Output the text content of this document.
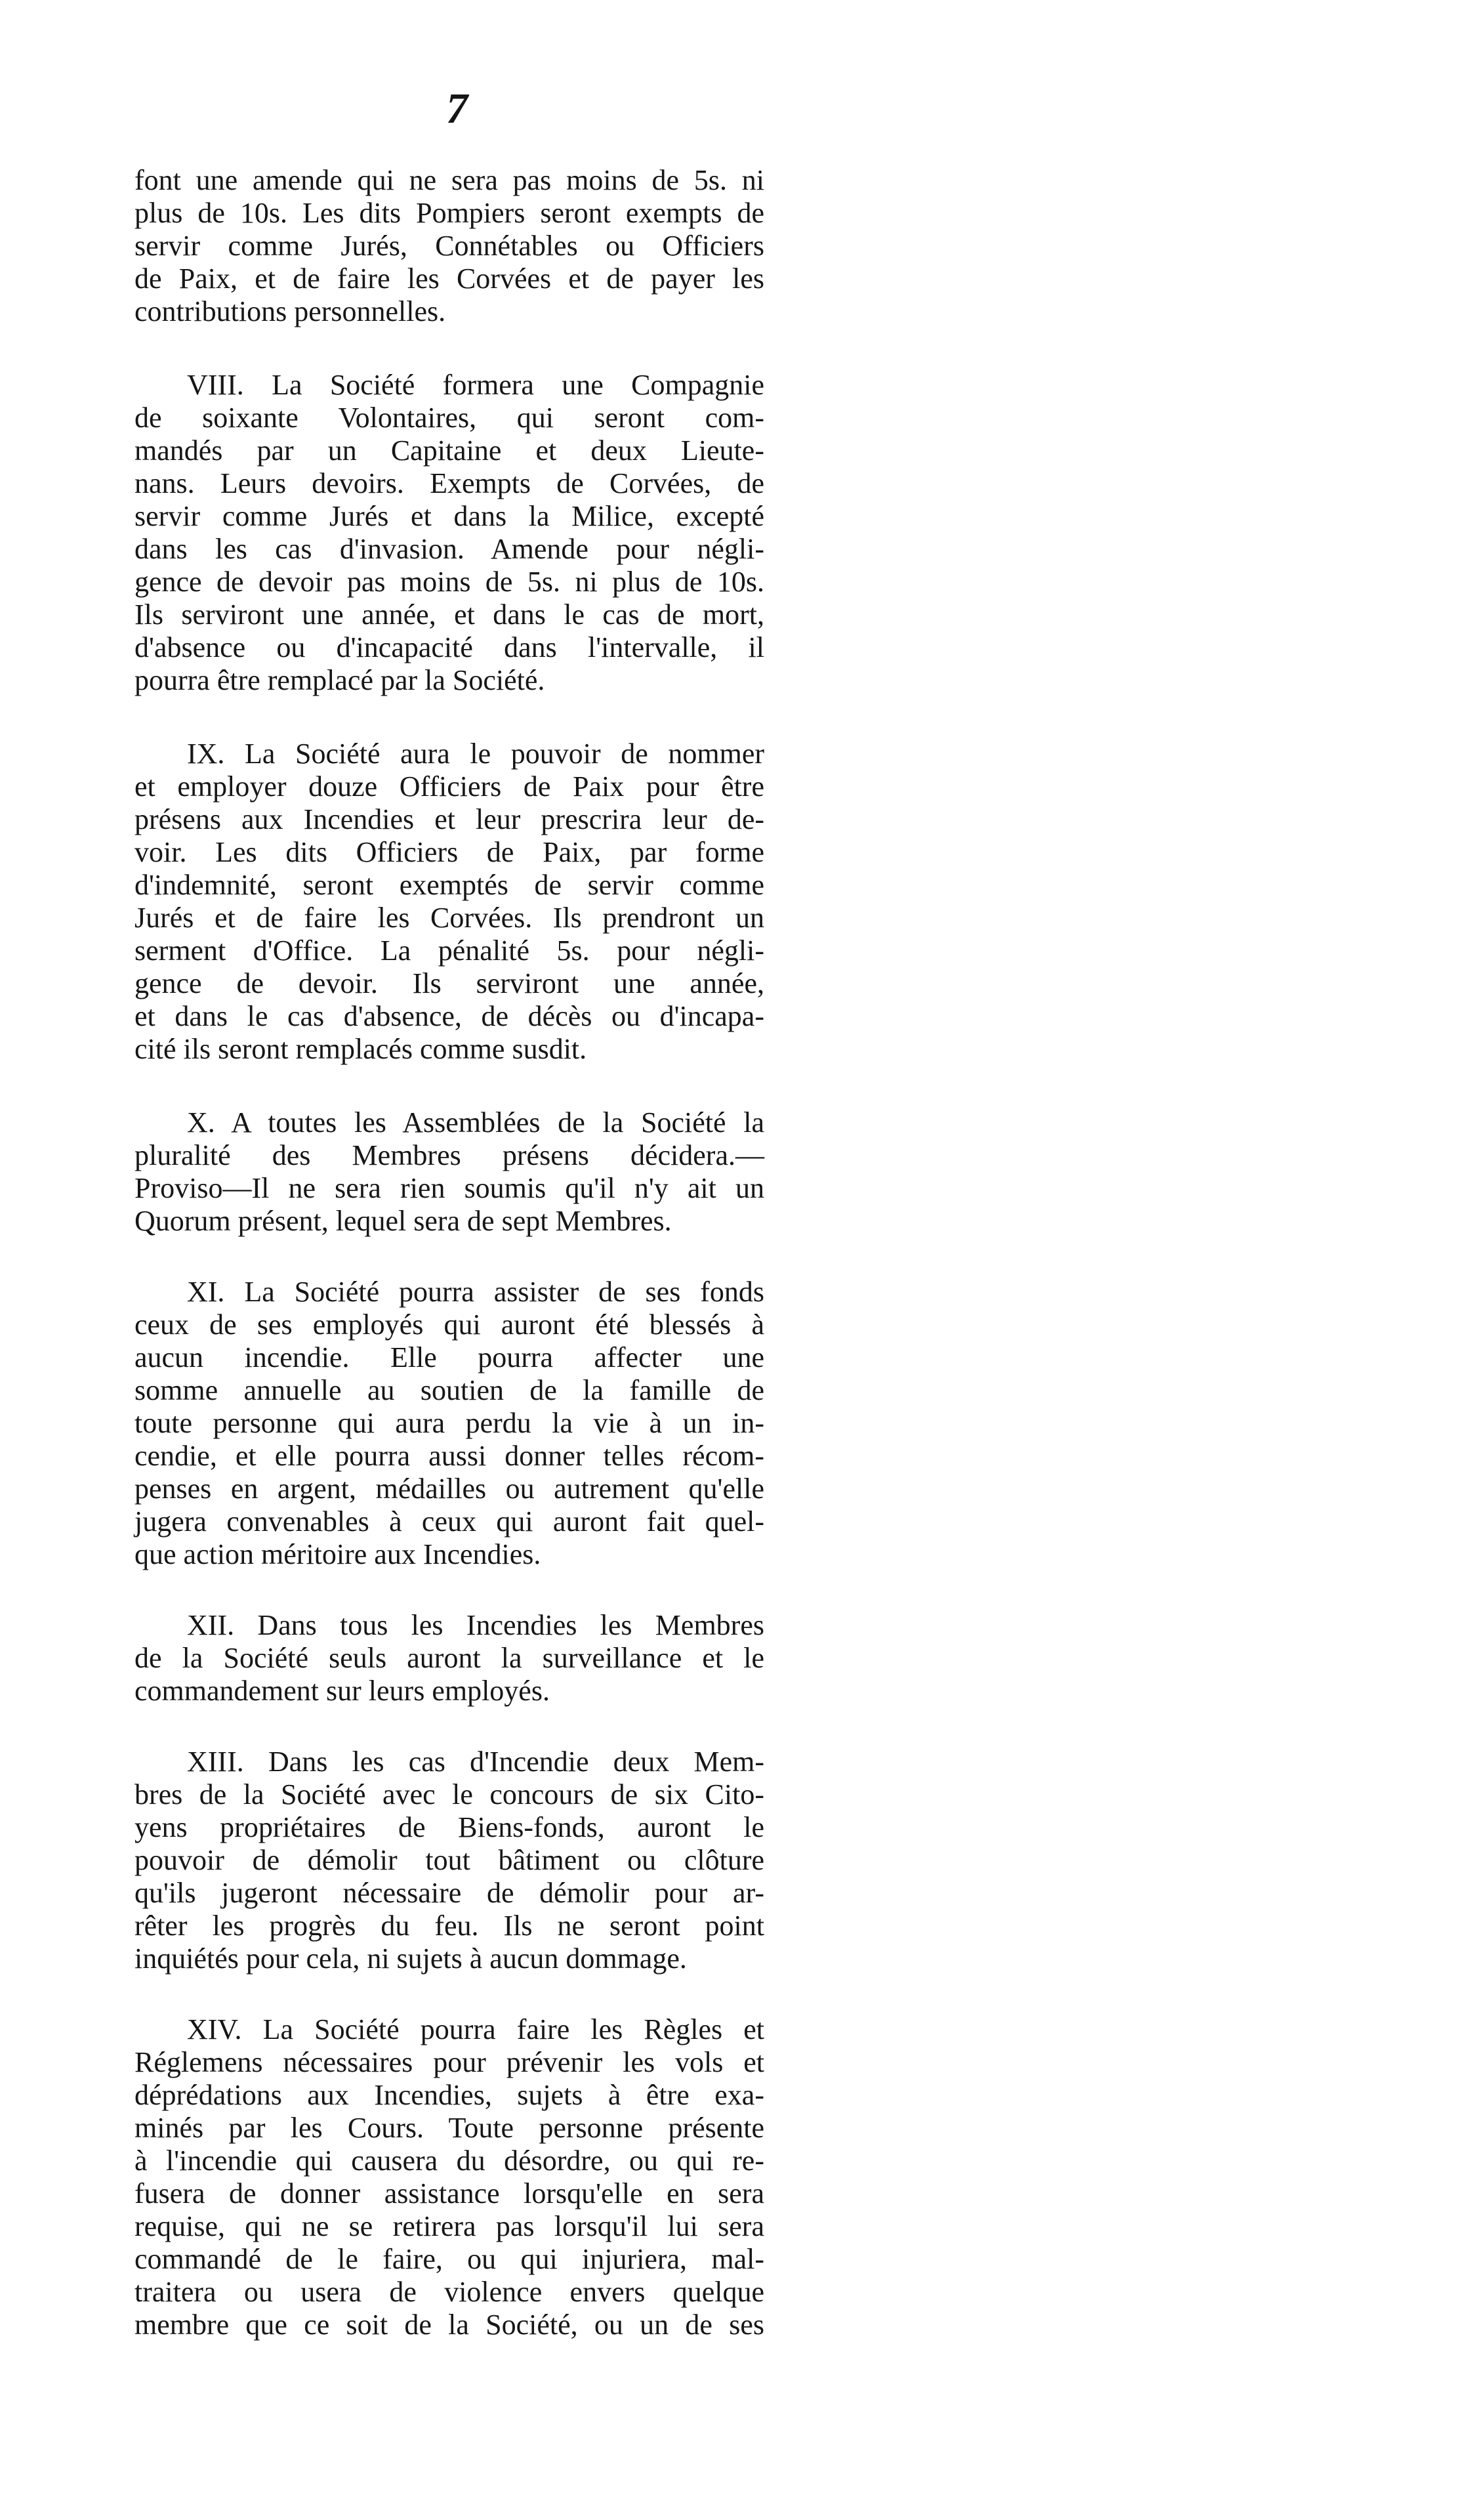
7
font une amende qui ne sera pas moins de 5s. ni
plus de 10s. Les dits Pompiers seront exempts de
servir comme Jurés, Connétables ou Officiers
de Paix, et de faire les Corvées et de payer les
contributions personnelles.
VIII. La Société formera une Compagnie
de soixante Volontaires, qui seront com-
mandés par un Capitaine et deux Lieute-
nans. Leurs devoirs. Exempts de Corvées, de
servir comme Jurés et dans la Milice, excepté
dans les cas d'invasion. Amende pour négli-
gence de devoir pas moins de 5s. ni plus de 10s.
Ils serviront une année, et dans le cas de mort,
d'absence ou d'incapacité dans l'intervalle, il
pourra être remplacé par la Société.
IX. La Société aura le pouvoir de nommer
et employer douze Officiers de Paix pour être
présens aux Incendies et leur prescrira leur de-
voir. Les dits Officiers de Paix, par forme
d'indemnité, seront exemptés de servir comme
Jurés et de faire les Corvées. Ils prendront un
serment d'Office. La pénalité 5s. pour négli-
gence de devoir. Ils serviront une année,
et dans le cas d'absence, de décès ou d'incapa-
cité ils seront remplacés comme susdit.
X. A toutes les Assemblées de la Société la
pluralité des Membres présens décidera.—
Proviso—Il ne sera rien soumis qu'il n'y ait un
Quorum présent, lequel sera de sept Membres.
XI. La Société pourra assister de ses fonds
ceux de ses employés qui auront été blessés à
aucun incendie. Elle pourra affecter une
somme annuelle au soutien de la famille de
toute personne qui aura perdu la vie à un in-
cendie, et elle pourra aussi donner telles récom-
penses en argent, médailles ou autrement qu'elle
jugera convenables à ceux qui auront fait quel-
que action méritoire aux Incendies.
XII. Dans tous les Incendies les Membres
de la Société seuls auront la surveillance et le
commandement sur leurs employés.
XIII. Dans les cas d'Incendie deux Mem-
bres de la Société avec le concours de six Cito-
yens propriétaires de Biens-fonds, auront le
pouvoir de démolir tout bâtiment ou clôture
qu'ils jugeront nécessaire de démolir pour ar-
rêter les progrès du feu. Ils ne seront point
inquiétés pour cela, ni sujets à aucun dommage.
XIV. La Société pourra faire les Règles et
Réglemens nécessaires pour prévenir les vols et
déprédations aux Incendies, sujets à être exa-
minés par les Cours. Toute personne présente
à l'incendie qui causera du désordre, ou qui re-
fusera de donner assistance lorsqu'elle en sera
requise, qui ne se retirera pas lorsqu'il lui sera
commandé de le faire, ou qui injuriera, mal-
traitera ou usera de violence envers quelque
membre que ce soit de la Société, ou un de ses
